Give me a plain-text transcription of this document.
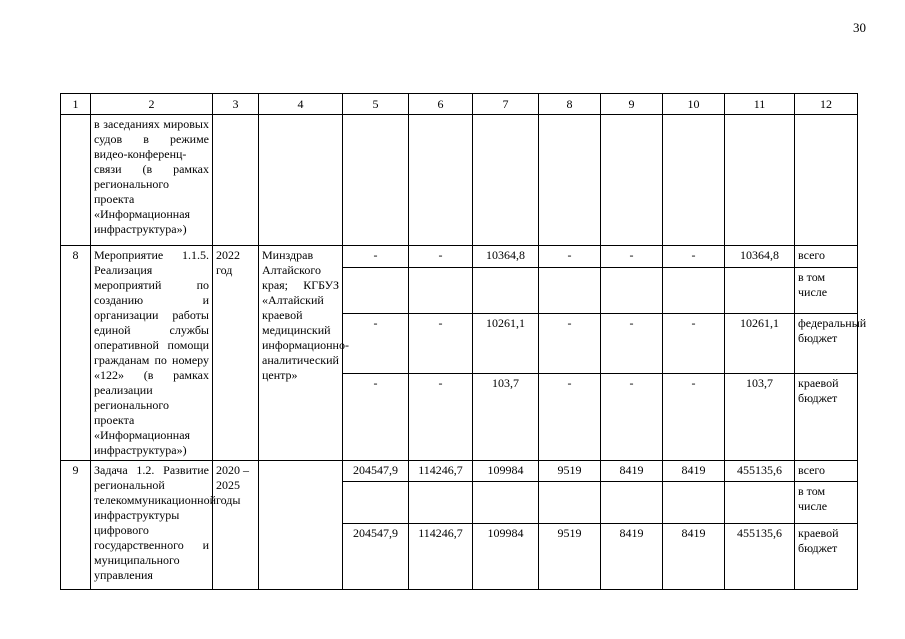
30
1	2	3	4	5	6	7	8	9	10	11	12
	в заседаниях мировых судов в режиме видео-конференц-связи (в рамках регионального проекта «Информационная инфраструктура»)										
8	Мероприятие 1.1.5. Реализация мероприятий по созданию и организации работы единой службы оперативной помощи гражданам по номеру «122» (в рамках реализации регионального проекта «Информационная инфраструктура»)	2022 год	Минздрав Алтайского края; КГБУЗ «Алтайский краевой медицинский информационно-аналитический центр»	-	-	10364,8	-	-	-	10364,8	всего
											в том числе
				-	-	10261,1	-	-	-	10261,1	федеральный бюджет
				-	-	103,7	-	-	-	103,7	краевой бюджет
9	Задача 1.2. Развитие региональной телекоммуникационной инфраструктуры цифрового государственного и муниципального управления	2020 – 2025 годы		204547,9	114246,7	109984	9519	8419	8419	455135,6	всего
											в том числе
				204547,9	114246,7	109984	9519	8419	8419	455135,6	краевой бюджет
